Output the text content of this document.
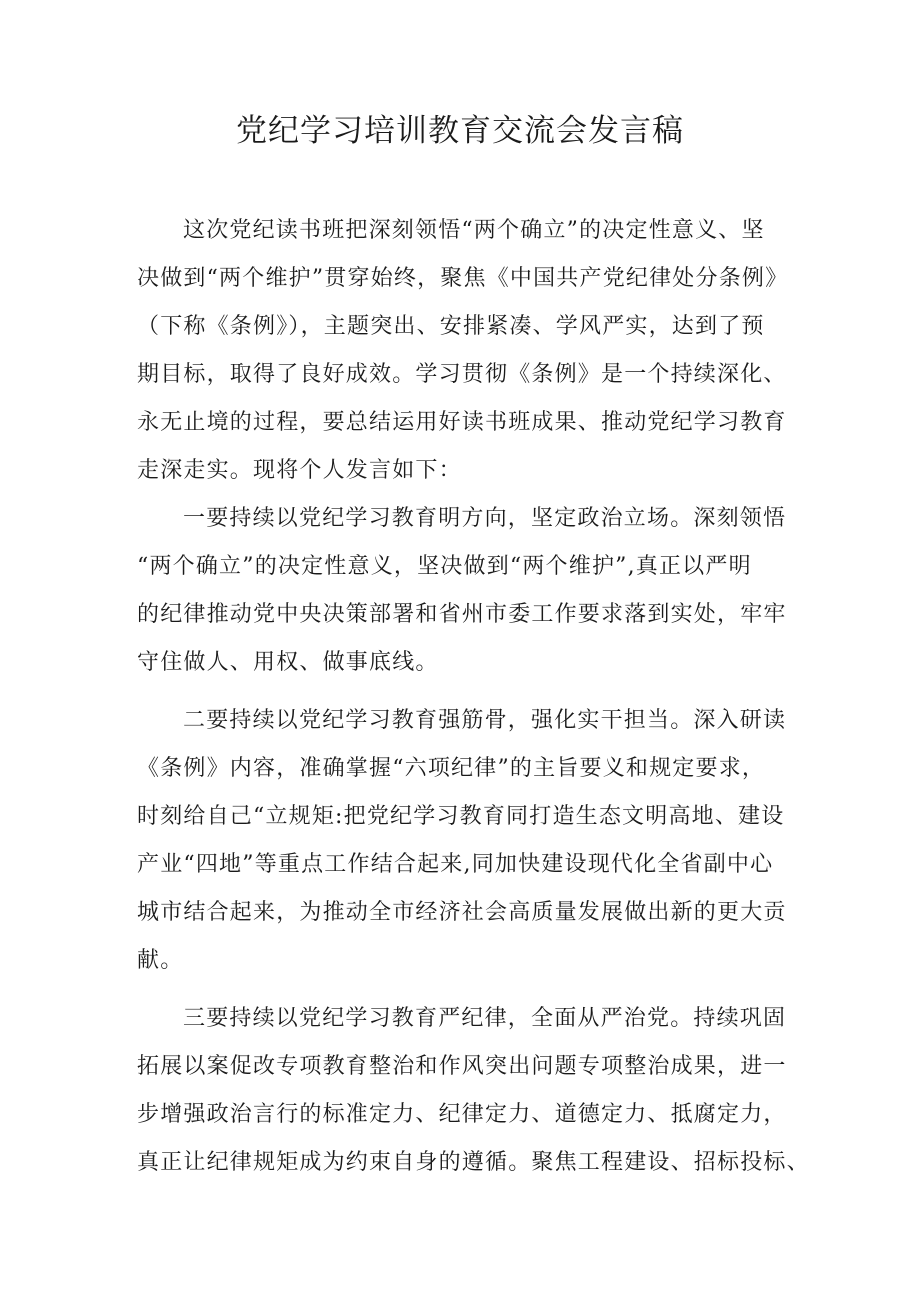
党纪学习培训教育交流会发言稿
这次党纪读书班把深刻领悟“两个确立”的决定性意义、坚
决做到“两个维护”贯穿始终，聚焦《中国共产党纪律处分条例》
（下称《条例》），主题突出、安排紧凑、学风严实，达到了预
期目标，取得了良好成效。学习贯彻《条例》是一个持续深化、
永无止境的过程，要总结运用好读书班成果、推动党纪学习教育
走深走实。现将个人发言如下：
一要持续以党纪学习教育明方向，坚定政治立场。深刻领悟
“两个确立”的决定性意义，坚决做到“两个维护”,真正以严明
的纪律推动党中央决策部署和省州市委工作要求落到实处，牢牢
守住做人、用权、做事底线。
二要持续以党纪学习教育强筋骨，强化实干担当。深入研读
《条例》内容，准确掌握“六项纪律”的主旨要义和规定要求，
时刻给自己“立规矩:把党纪学习教育同打造生态文明高地、建设
产业“四地”等重点工作结合起来,同加快建设现代化全省副中心
城市结合起来，为推动全市经济社会高质量发展做出新的更大贡
献。
三要持续以党纪学习教育严纪律，全面从严治党。持续巩固
拓展以案促改专项教育整治和作风突出问题专项整治成果，进一
步增强政治言行的标准定力、纪律定力、道德定力、抵腐定力，
真正让纪律规矩成为约束自身的遵循。聚焦工程建设、招标投标、
